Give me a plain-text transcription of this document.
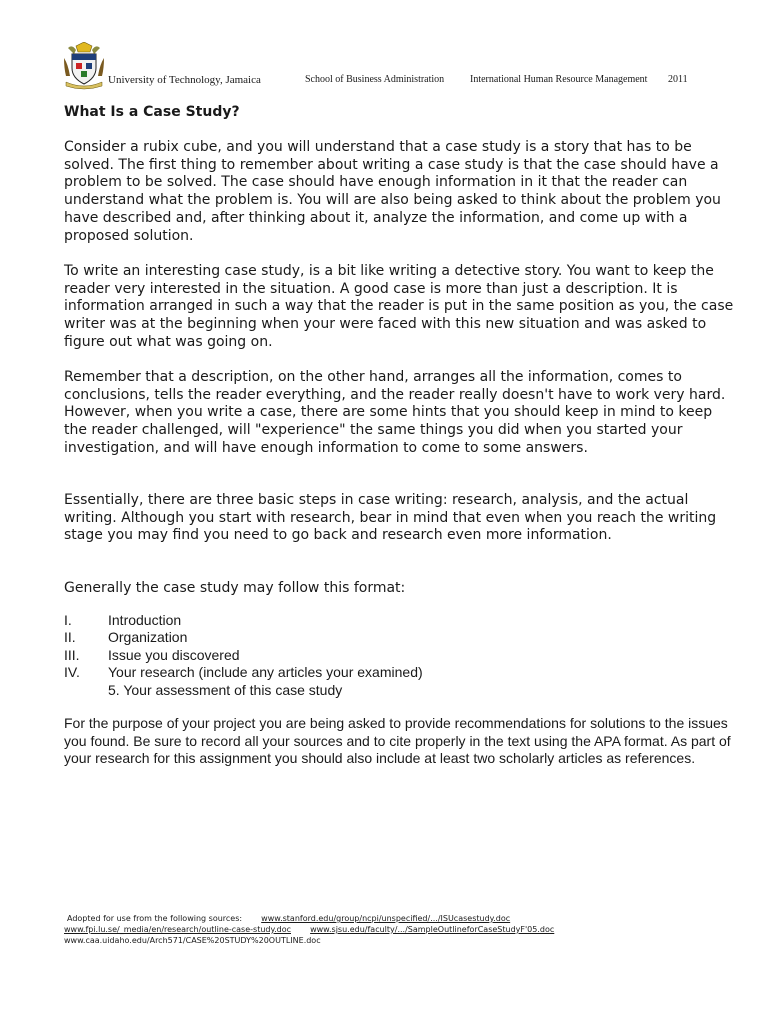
University of Technology, Jamaica	School of Business Administration	International Human Resource Management 2011
What Is a Case Study?

Consider a rubix cube, and you will understand that a case study is a story that has to be solved. The first thing to remember about writing a case study is that the case should have a problem to be solved. The case should have enough information in it that the reader can understand what the problem is. You will are also being asked to think about the problem you have described and, after thinking about it, analyze the information, and come up with a proposed solution.

To write an interesting case study, is a bit like writing a detective story. You want to keep the reader very interested in the situation. A good case is more than just a description. It is information arranged in such a way that the reader is put in the same position as you, the case writer was at the beginning when your were faced with this new situation and was asked to figure out what was going on.

Remember that a description, on the other hand, arranges all the information, comes to conclusions, tells the reader everything, and the reader really doesn't have to work very hard. However, when you write a case, there are some hints that you should keep in mind to keep the reader challenged, will "experience" the same things you did when you started your investigation, and will have enough information to come to some answers.

Essentially, there are three basic steps in case writing: research, analysis, and the actual writing. Although you start with research, bear in mind that even when you reach the writing stage you may find you need to go back and research even more information.

Generally the case study may follow this format:

I.	Introduction
II. Organization
III. Issue you discovered
IV. Your research (include any articles your examined)
5. Your assessment of this case study

For the purpose of your project you are being asked to provide recommendations for solutions to the issues you found. Be sure to record all your sources and to cite properly in the text using the APA format. As part of your research for this assignment you should also include at least two scholarly articles as references.

Adopted for use from the following sources: www.stanford.edu/group/ncpi/unspecified/.../ISUcasestudy.doc
www.fpi.lu.se/_media/en/research/outline-case-study.doc www.sjsu.edu/faculty/.../SampleOutlineforCaseStudyF'05.doc
www.caa.uidaho.edu/Arch571/CASE%20STUDY%20OUTLINE.doc
